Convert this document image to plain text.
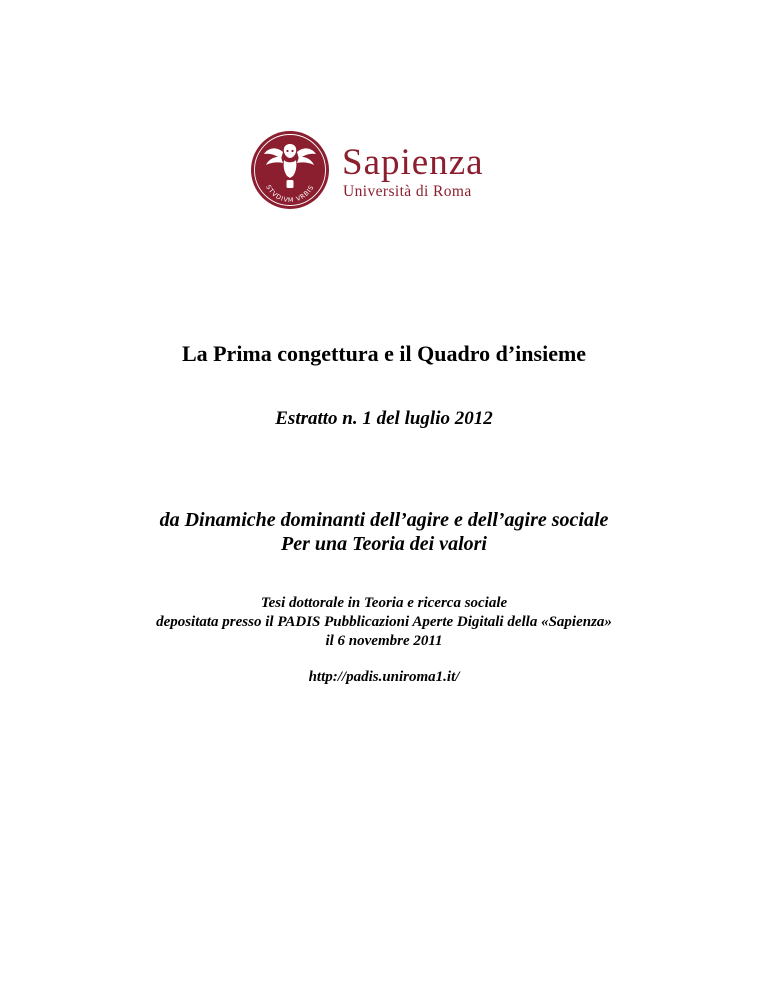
STVDIVM VRBIS
Sapienza
Università di Roma
La Prima congettura e il Quadro d’insieme
Estratto n. 1 del luglio 2012
da Dinamiche dominanti dell’agire e dell’agire sociale
Per una Teoria dei valori
Tesi dottorale in Teoria e ricerca sociale
depositata presso il PADIS Pubblicazioni Aperte Digitali della «Sapienza»
il 6 novembre 2011
http://padis.uniroma1.it/
